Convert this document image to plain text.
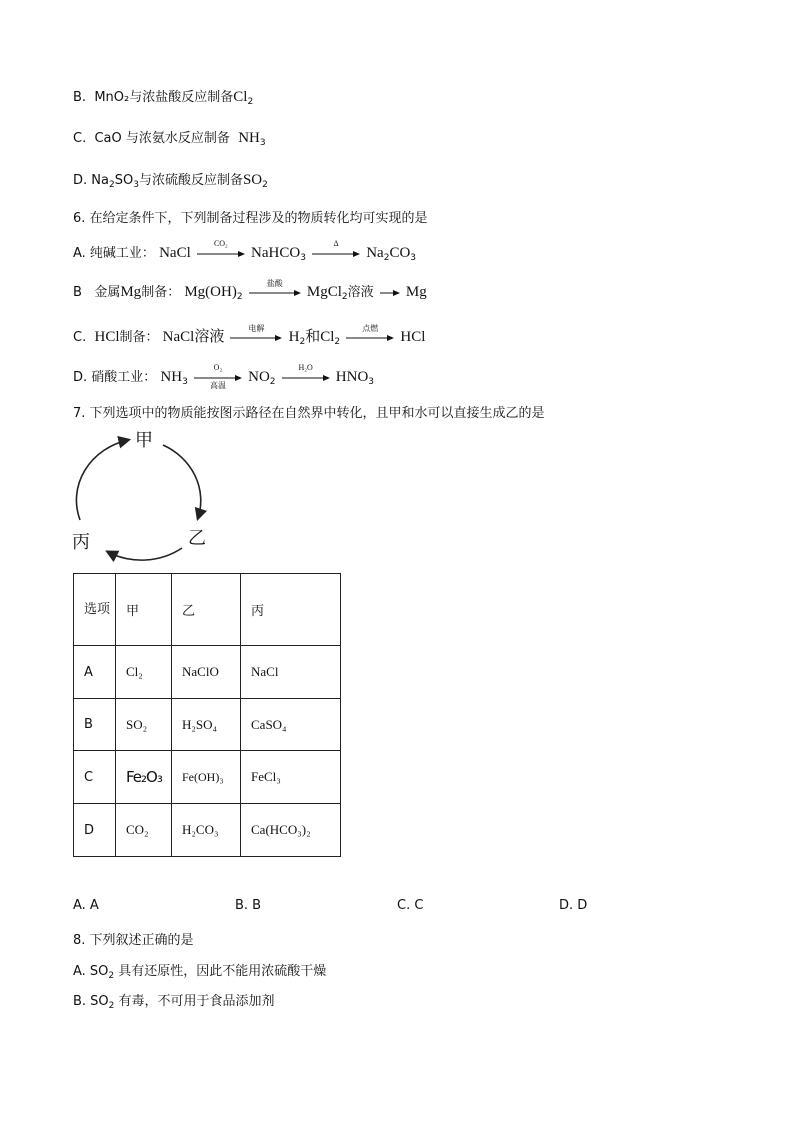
B. MnO₂与浓盐酸反应制备$Cl_2$
C. CaO 与浓氨水反应制备 $NH_3$
D. $Na_2SO_3$与浓硫酸反应制备$SO_2$
6. 在给定条件下，下列制备过程涉及的物质转化均可实现的是
A. 纯碱工业： NaCl
CO₂
NaHCO$_3$
Δ
$Na_2CO_3$
B 金属Mg制备： $Mg(OH)_2$
盐酸
MgCl$_2$溶液 → Mg
C. HCl制备： NaCl溶液
电解
$H_2$和$Cl_2$
点燃
HCl
D. 硝酸工业： $NH_3$
O₂
高温	$NO_2$
H₂O
$HNO_3$
7. 下列选项中的物质能按图示路径在自然界中转化，且甲和水可以直接生成乙的是
甲
乙
丙
选项	甲	乙	丙
A	Cl₂	NaClO	NaCl
B	SO₂	H₂SO₄	CaSO₄
C	Fe₂O₃	Fe(OH)₃	FeCl₃
D	CO₂	H₂CO₃	Ca(HCO₃)₂
A. A	B. B	C. C	D. D
8. 下列叙述正确的是
A. $SO_2$ 具有还原性，因此不能用浓硫酸干燥
B. $SO_2$ 有毒，不可用于食品添加剂
